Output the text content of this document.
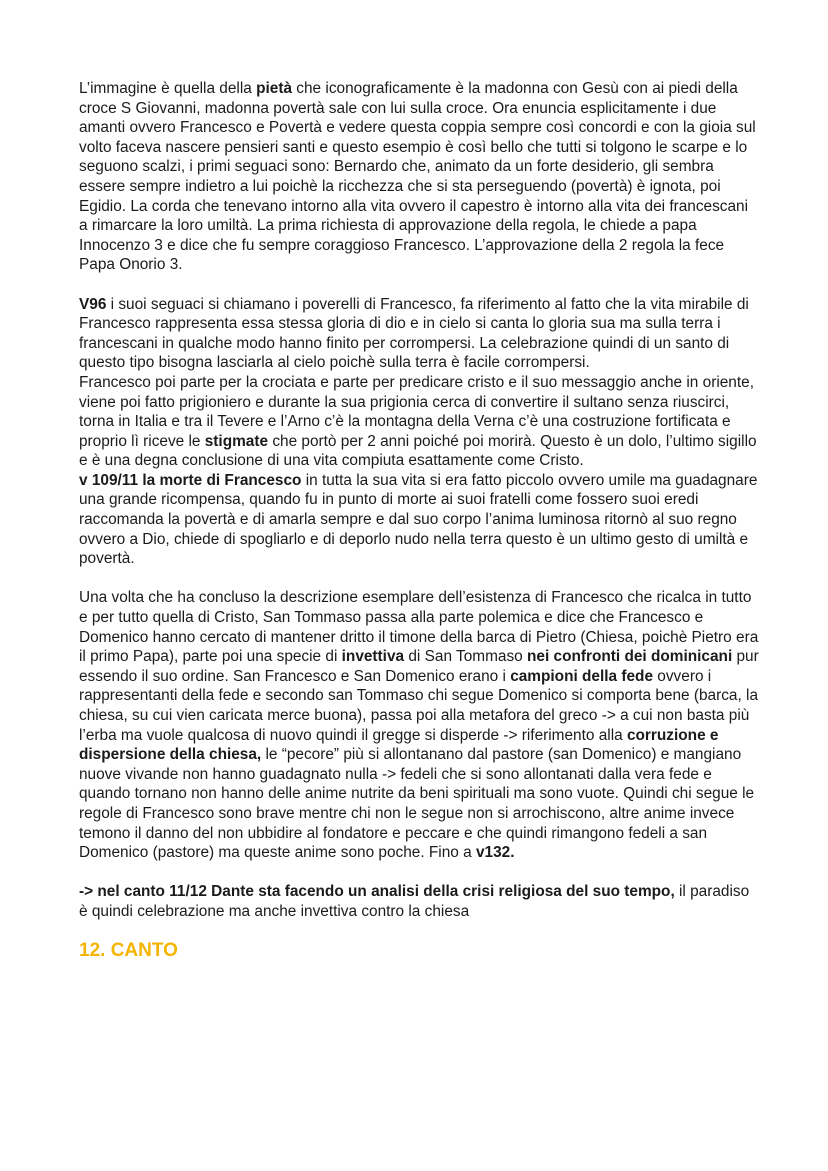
L’immagine è quella della pietà che iconograficamente è la madonna con Gesù con ai piedi della croce S Giovanni, madonna povertà sale con lui sulla croce. Ora enuncia esplicitamente i due amanti ovvero Francesco e Povertà e vedere questa coppia sempre così concordi e con la gioia sul volto faceva nascere pensieri santi e questo esempio è così bello che tutti si tolgono le scarpe e lo seguono scalzi, i primi seguaci sono: Bernardo che, animato da un forte desiderio, gli sembra essere sempre indietro a lui poichè la ricchezza che si sta perseguendo (povertà) è ignota, poi Egidio. La corda che tenevano intorno alla vita ovvero il capestro è intorno alla vita dei francescani a rimarcare la loro umiltà. La prima richiesta di approvazione della regola, le chiede a papa Innocenzo 3 e dice che fu sempre coraggioso Francesco. L’approvazione della 2 regola la fece Papa Onorio 3.

V96 i suoi seguaci si chiamano i poverelli di Francesco, fa riferimento al fatto che la vita mirabile di Francesco rappresenta essa stessa gloria di dio e in cielo si canta lo gloria sua ma sulla terra i francescani in qualche modo hanno finito per corrompersi. La celebrazione quindi di un santo di questo tipo bisogna lasciarla al cielo poichè sulla terra è facile corrompersi.

Francesco poi parte per la crociata e parte per predicare cristo e il suo messaggio anche in oriente, viene poi fatto prigioniero e durante la sua prigionia cerca di convertire il sultano senza riuscirci, torna in Italia e tra il Tevere e l’Arno c’è la montagna della Verna c’è una costruzione fortificata e proprio lì riceve le stigmate che portò per 2 anni poiché poi morirà. Questo è un dolo, l’ultimo sigillo e è una degna conclusione di una vita compiuta esattamente come Cristo.

v 109/11 la morte di Francesco in tutta la sua vita si era fatto piccolo ovvero umile ma guadagnare una grande ricompensa, quando fu in punto di morte ai suoi fratelli come fossero suoi eredi raccomanda la povertà e di amarla sempre e dal suo corpo l’anima luminosa ritornò al suo regno ovvero a Dio, chiede di spogliarlo e di deporlo nudo nella terra questo è un ultimo gesto di umiltà e povertà.

Una volta che ha concluso la descrizione esemplare dell’esistenza di Francesco che ricalca in tutto e per tutto quella di Cristo, San Tommaso passa alla parte polemica e dice che Francesco e Domenico hanno cercato di mantener dritto il timone della barca di Pietro (Chiesa, poichè Pietro era il primo Papa), parte poi una specie di invettiva di San Tommaso nei confronti dei dominicani pur essendo il suo ordine. San Francesco e San Domenico erano i campioni della fede ovvero i rappresentanti della fede e secondo san Tommaso chi segue Domenico si comporta bene (barca, la chiesa, su cui vien caricata merce buona), passa poi alla metafora del greco -> a cui non basta più l’erba ma vuole qualcosa di nuovo quindi il gregge si disperde -> riferimento alla corruzione e dispersione della chiesa, le “pecore” più si allontanano dal pastore (san Domenico) e mangiano nuove vivande non hanno guadagnato nulla -> fedeli che si sono allontanati dalla vera fede e quando tornano non hanno delle anime nutrite da beni spirituali ma sono vuote. Quindi chi segue le regole di Francesco sono brave mentre chi non le segue non si arrochiscono, altre anime invece temono il danno del non ubbidire al fondatore e peccare e che quindi rimangono fedeli a san Domenico (pastore) ma queste anime sono poche. Fino a v132.

-> nel canto 11/12 Dante sta facendo un analisi della crisi religiosa del suo tempo, il paradiso è quindi celebrazione ma anche invettiva contro la chiesa

12. CANTO
